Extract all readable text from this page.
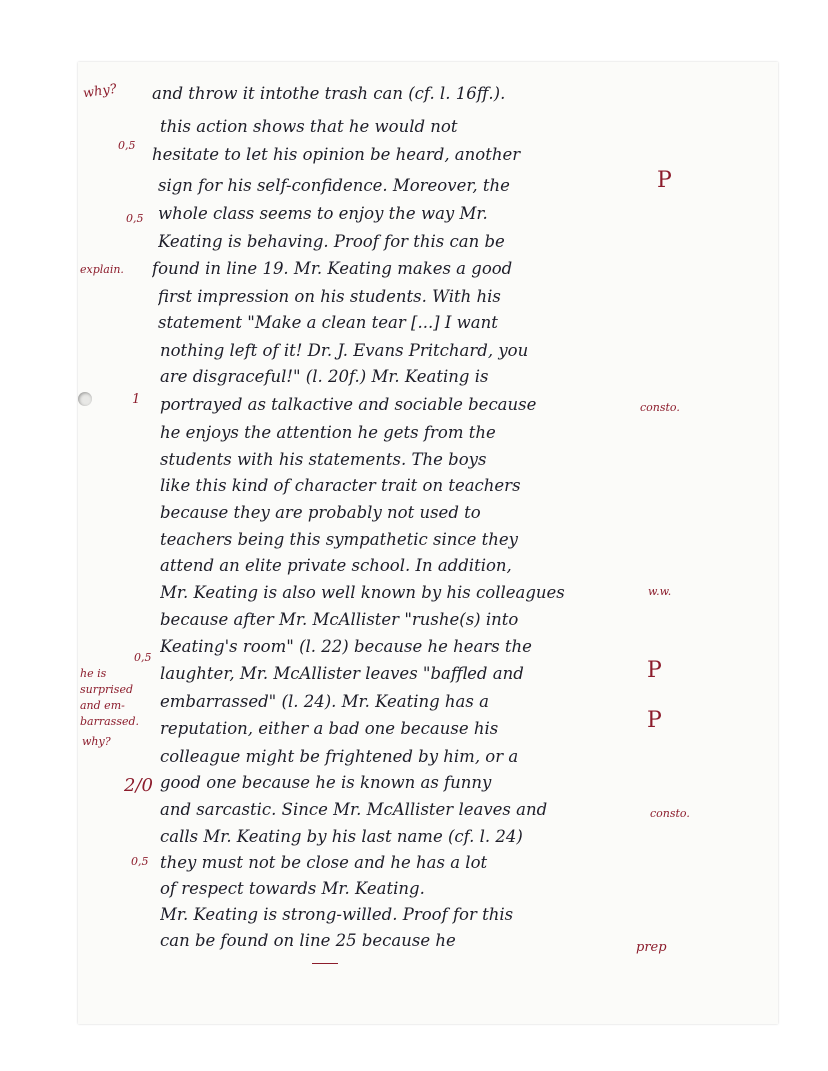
and throw it intothe trash can (cf. l. 16ff.).
this action shows that he would not
hesitate to let his opinion be heard, another
sign for his self-confidence. Moreover, the
whole class seems to enjoy the way Mr.
Keating is behaving. Proof for this can be
found in line 19. Mr. Keating makes a good
first impression on his students. With his
statement "Make a clean tear [...] I want
nothing left of it! Dr. J. Evans Pritchard, you
are disgraceful!" (l. 20f.) Mr. Keating is
portrayed as talkactive and sociable because
he enjoys the attention he gets from the
students with his statements. The boys
like this kind of character trait on teachers
because they are probably not used to
teachers being this sympathetic since they
attend an elite private school. In addition,
Mr. Keating is also well known by his colleagues
because after Mr. McAllister "rushe(s) into
Keating's room" (l. 22) because he hears the
laughter, Mr. McAllister leaves "baffled and
embarrassed" (l. 24). Mr. Keating has a
reputation, either a bad one because his
colleague might be frightened by him, or a
good one because he is known as funny
and sarcastic. Since Mr. McAllister leaves and
calls Mr. Keating by his last name (cf. l. 24)
they must not be close and he has a lot
of respect towards Mr. Keating.
Mr. Keating is strong-willed. Proof for this
can be found on line 25 because he
why?
0,5
0,5
explain.
1
0,5
he is
surprised
and em-
barrassed.
why?
2/0
0,5
P
consto.
w.w.
P
P
consto.
prep
